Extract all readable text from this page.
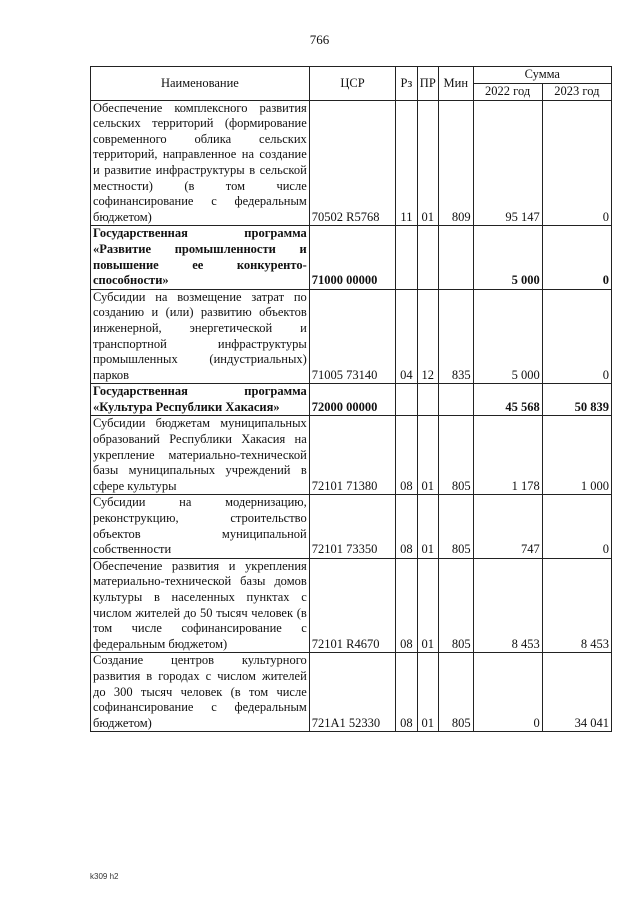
766
Наименование	ЦСР	Рз	ПР	Мин	Сумма	
					2022 год	2023 год
Обеспечение комплексного развития сельских территорий (формирование современного облика сельских территорий, направленное на создание и развитие инфраструктуры в сельской местности) (в том числе софинансирование с федеральным бюджетом)	70502 R5768	11	01	809	95 147	0
Государственная программа «Развитие промышленности и повышение ее конкурентоспособности»	71000 00000				5 000	0
Субсидии на возмещение затрат по созданию и (или) развитию объектов инженерной, энергетической и транспортной инфраструктуры промышленных (индустриальных) парков	71005 73140	04	12	835	5 000	0
Государственная программа «Культура Республики Хакасия»	72000 00000				45 568	50 839
Субсидии бюджетам муниципальных образований Республики Хакасия на укрепление материально-технической базы муниципальных учреждений в сфере культуры	72101 71380	08	01	805	1 178	1 000
Субсидии на модернизацию, реконструкцию, строительство объектов муниципальной собственности	72101 73350	08	01	805	747	0
Обеспечение развития и укрепления материально-технической базы домов культуры в населенных пунктах с числом жителей до 50 тысяч человек (в том числе софинансирование с федеральным бюджетом)	72101 R4670	08	01	805	8 453	8 453
Создание центров культурного развития в городах с числом жителей до 300 тысяч человек (в том числе софинансирование с федеральным бюджетом)	721A1 52330	08	01	805	0	34 041
k309 h2
